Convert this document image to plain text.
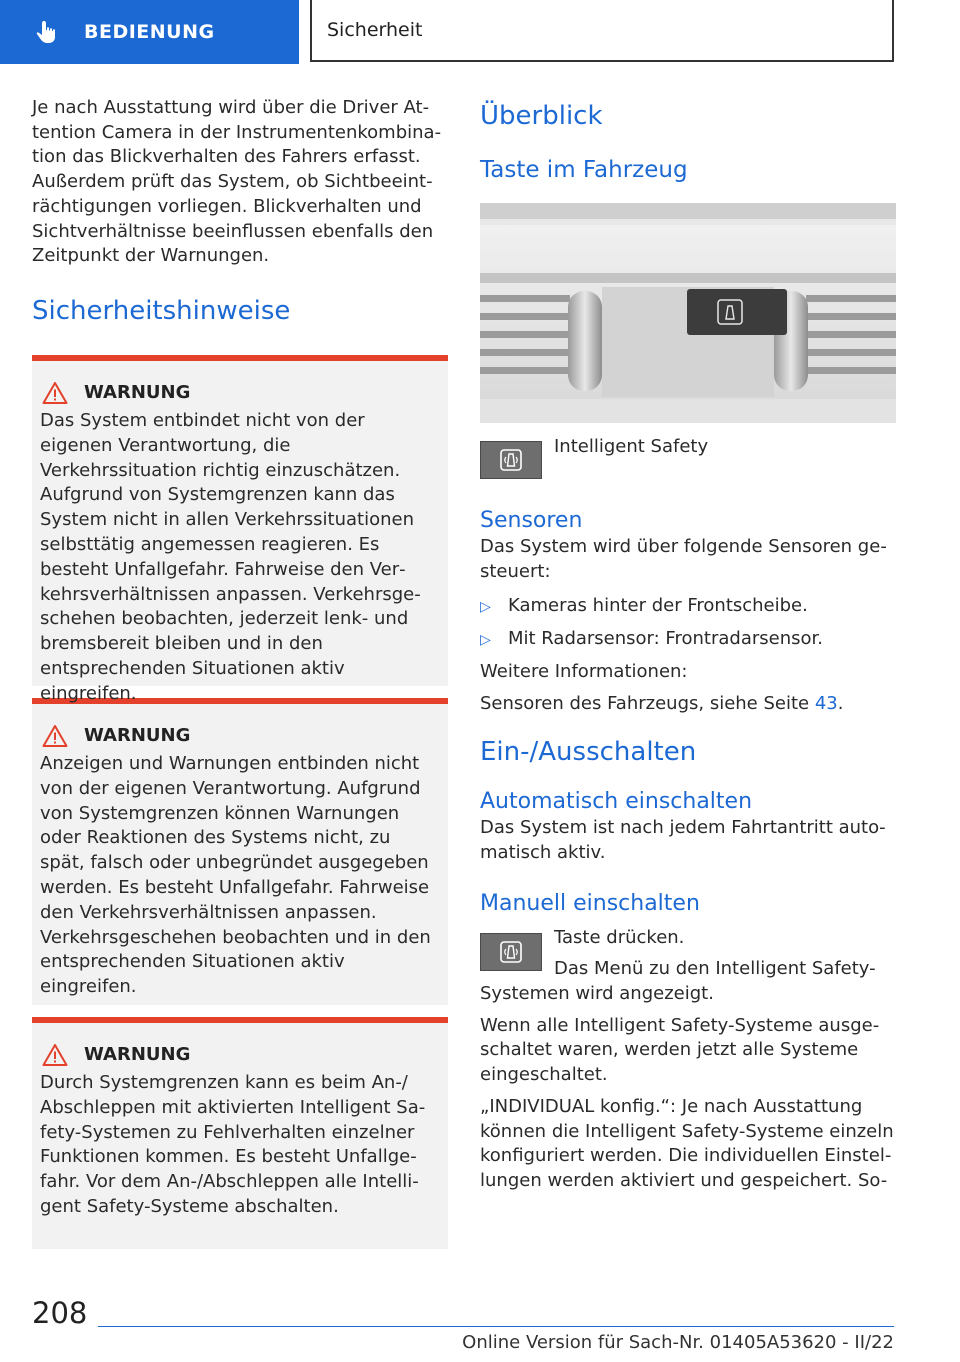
BEDIENUNG	Sicherheit

Je nach Ausstattung wird über die Driver Attention Camera in der Instrumentenkombination das Blickverhalten des Fahrers erfasst. Außerdem prüft das System, ob Sichtbeeinträchtigungen vorliegen. Blickverhalten und Sichtverhältnisse beeinflussen ebenfalls den Zeitpunkt der Warnungen.

Sicherheitshinweise
WARNUNG

Das System entbindet nicht von der eigenen Verantwortung, die Verkehrssituation richtig einzuschätzen. Aufgrund von Systemgrenzen kann das System nicht in allen Verkehrssituationen selbsttätig angemessen reagieren. Es besteht Unfallgefahr. Fahrweise den Verkehrsverhältnissen anpassen. Verkehrsgeschehen beobachten, jederzeit lenk- und bremsbereit bleiben und in den entsprechenden Situationen aktiv eingreifen.

WARNUNG

Anzeigen und Warnungen entbinden nicht von der eigenen Verantwortung. Aufgrund von Systemgrenzen können Warnungen oder Reaktionen des Systems nicht, zu spät, falsch oder unbegründet ausgegeben werden. Es besteht Unfallgefahr. Fahrweise den Verkehrsverhältnissen anpassen. Verkehrsgeschehen beobachten und in den entsprechenden Situationen aktiv eingreifen.

WARNUNG

Durch Systemgrenzen kann es beim An-/ Abschleppen mit aktivierten Intelligent Safety-Systemen zu Fehlverhalten einzelner Funktionen kommen. Es besteht Unfallgefahr. Vor dem An-/Abschleppen alle Intelligent Safety-Systeme abschalten.

Überblick
Taste im Fahrzeug

Intelligent Safety

Sensoren

Das System wird über folgende Sensoren gesteuert:

▷ Kameras hinter der Frontscheibe.
▷ Mit Radarsensor: Frontradarsensor.

Weitere Informationen:

Sensoren des Fahrzeugs, siehe Seite 43.

Ein-/Ausschalten
Automatisch einschalten

Das System ist nach jedem Fahrtantritt automatisch aktiv.

Manuell einschalten

Taste drücken.

Das Menü zu den Intelligent Safety-Systemen wird angezeigt.

Wenn alle Intelligent Safety-Systeme ausgeschaltet waren, werden jetzt alle Systeme eingeschaltet.

„INDIVIDUAL konfig.“: Je nach Ausstattung können die Intelligent Safety-Systeme einzeln konfiguriert werden. Die individuellen Einstellungen werden aktiviert und gespeichert. So-

208
Online Version für Sach-Nr. 01405A53620 - II/22
